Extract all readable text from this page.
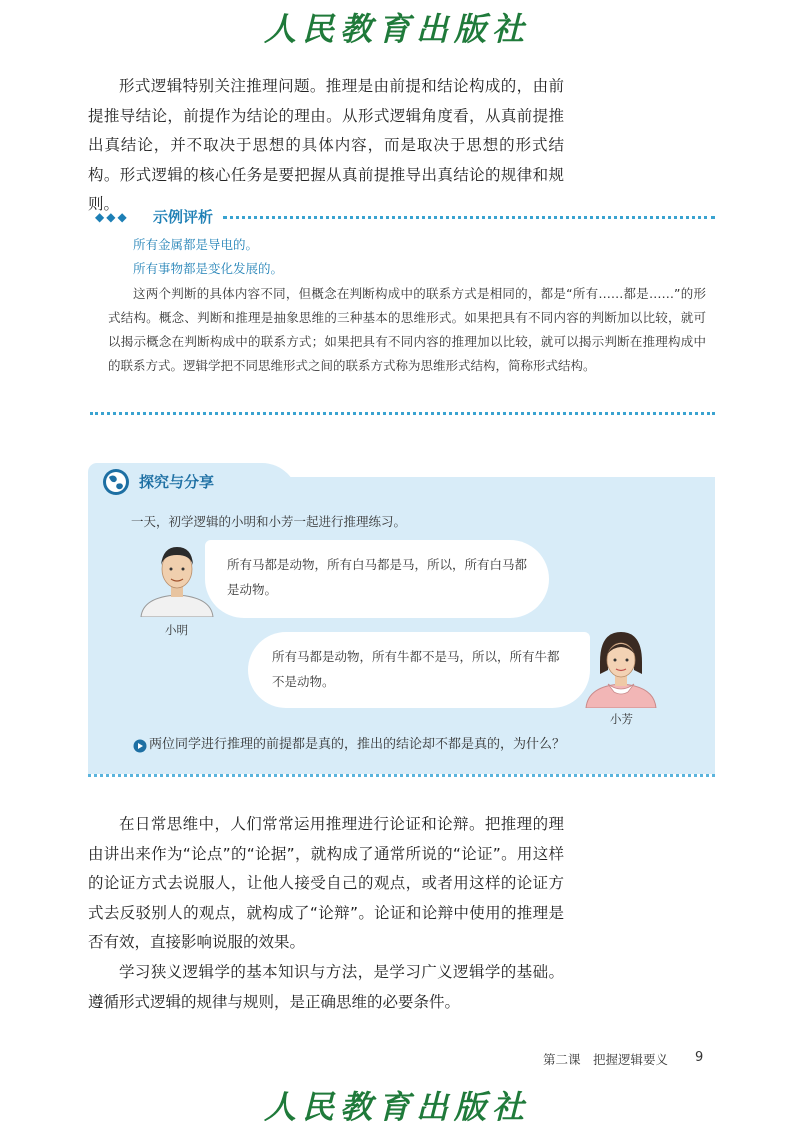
人民教育出版社

形式逻辑特别关注推理问题。推理是由前提和结论构成的，由前提推导结论，前提作为结论的理由。从形式逻辑角度看，从真前提推出真结论，并不取决于思想的具体内容，而是取决于思想的形式结构。形式逻辑的核心任务是要把握从真前提推导出真结论的规律和规则。

◆◆◆ 示例评析
所有金属都是导电的。
所有事物都是变化发展的。

这两个判断的具体内容不同，但概念在判断构成中的联系方式是相同的，都是“所有……都是……”的形式结构。概念、判断和推理是抽象思维的三种基本的思维形式。如果把具有不同内容的判断加以比较，就可以揭示概念在判断构成中的联系方式；如果把具有不同内容的推理加以比较，就可以揭示判断在推理构成中的联系方式。逻辑学把不同思维形式之间的联系方式称为思维形式结构，简称形式结构。

探究与分享
一天，初学逻辑的小明和小芳一起进行推理练习。
所有马都是动物，所有白马都是马，所以，所有白马都是动物。
小明
所有马都是动物，所有牛都不是马，所以，所有牛都不是动物。
小芳
两位同学进行推理的前提都是真的，推出的结论却不都是真的，为什么？

在日常思维中，人们常常运用推理进行论证和论辩。把推理的理由讲出来作为“论点”的“论据”，就构成了通常所说的“论证”。用这样的论证方式去说服人，让他人接受自己的观点，或者用这样的论证方式去反驳别人的观点，就构成了“论辩”。论证和论辩中使用的推理是否有效，直接影响说服的效果。

学习狭义逻辑学的基本知识与方法，是学习广义逻辑学的基础。遵循形式逻辑的规律与规则，是正确思维的必要条件。

第二课　把握逻辑要义 9
人民教育出版社
